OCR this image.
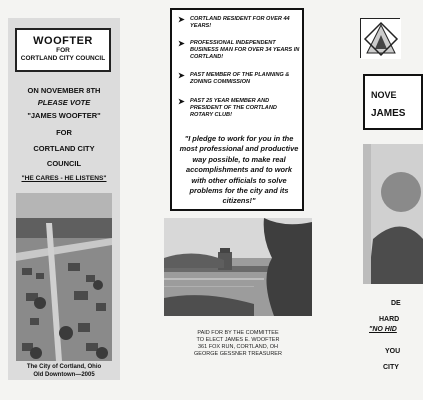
WOOFTER
FOR
CORTLAND CITY COUNCIL
ON NOVEMBER 8TH
PLEASE VOTE
"JAMES WOOFTER"
FOR
CORTLAND CITY
COUNCIL
"HE CARES - HE LISTENS"
The City of Cortland, Ohio
Old Downtown—2005
➤ CORTLAND RESIDENT FOR OVER 44 YEARS!
➤ PROFESSIONAL INDEPENDENT BUSINESS MAN FOR OVER 34 YEARS IN CORTLAND!
➤ PAST MEMBER OF THE PLANNING & ZONING COMMISSION
➤ PAST 25 YEAR MEMBER AND PRESIDENT OF THE CORTLAND ROTARY CLUB!
"I pledge to work for you in the most professional and productive way possible, to make real accomplishments and to work with other officials to solve problems for the city and its citizens!"
PAID FOR BY THE COMMITTEE
TO ELECT JAMES E. WOOFTER
361 FOX RUN, CORTLAND, OH
GEORGE GESSNER TREASURER
NOVE
JAMES
DE
HARD
"NO HID
YOU
CITY
